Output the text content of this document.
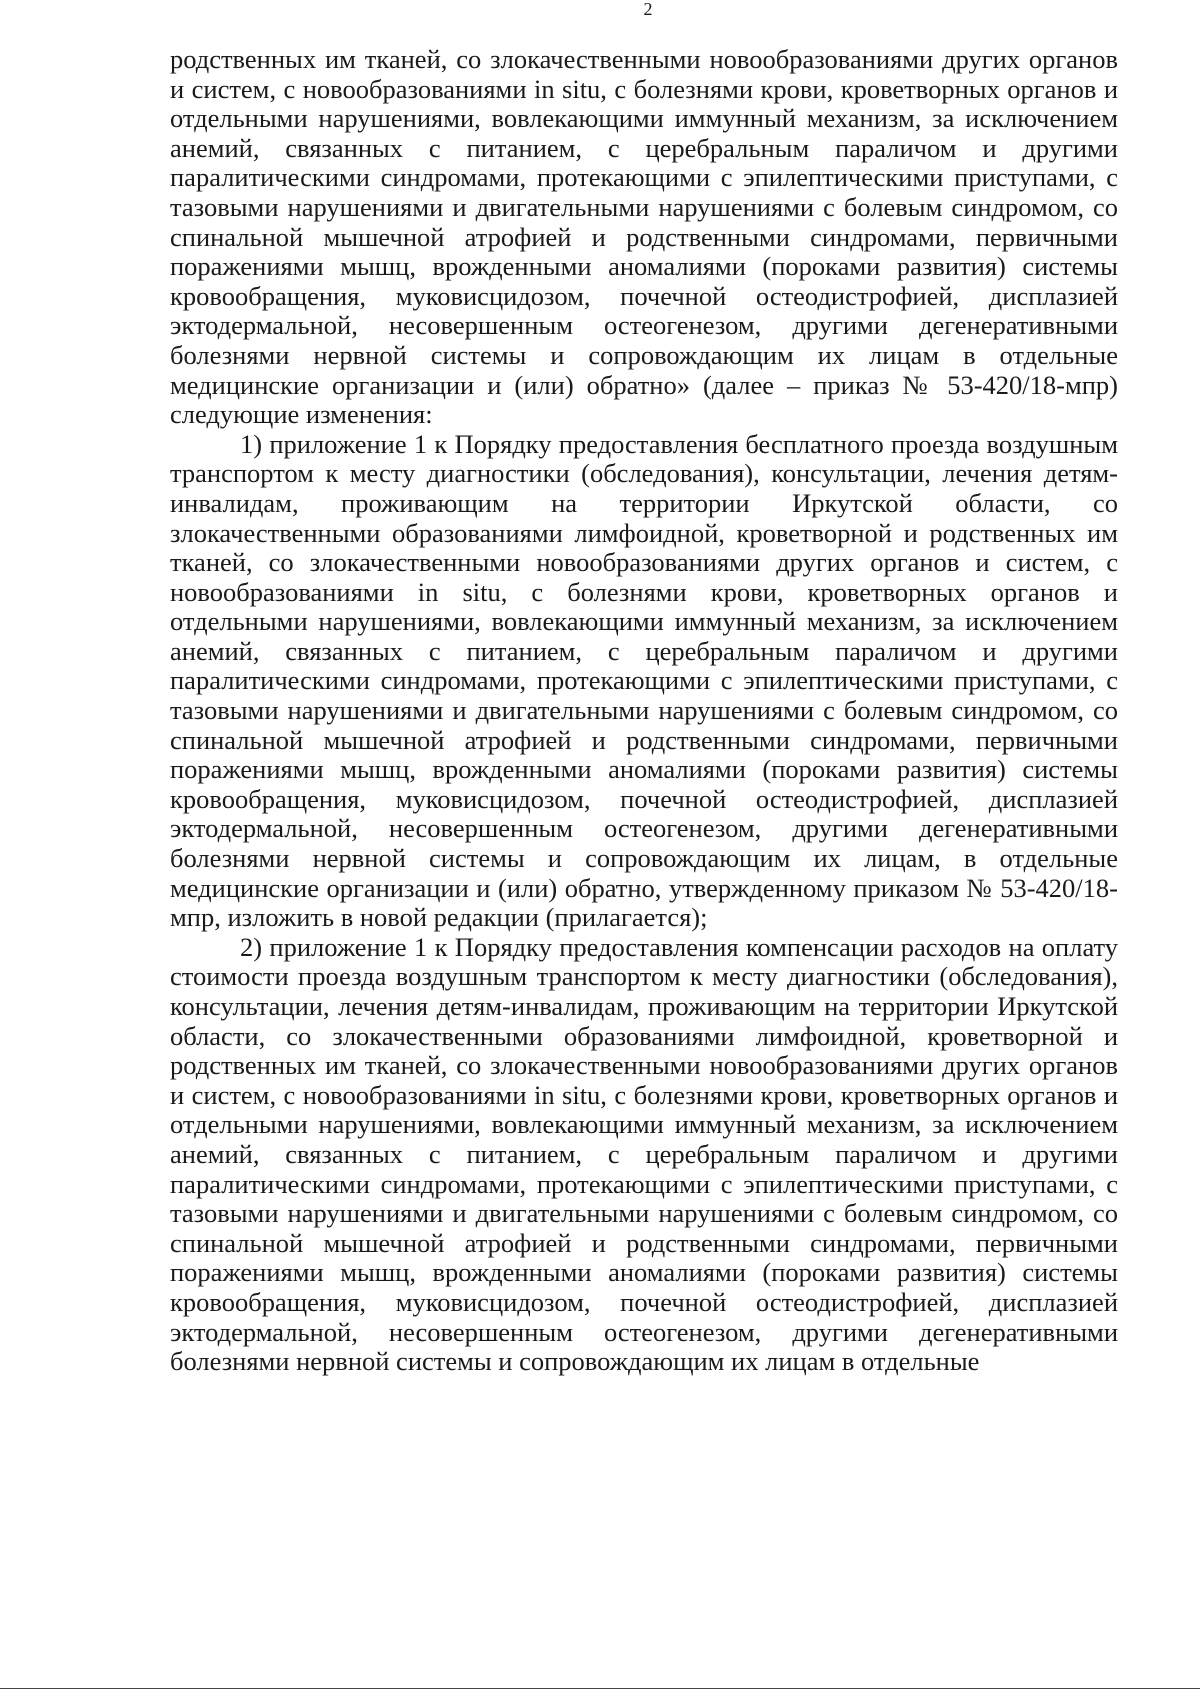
2

родственных им тканей, со злокачественными новообразованиями других органов и систем, с новообразованиями in situ, с болезнями крови, кроветворных органов и отдельными нарушениями, вовлекающими иммунный механизм, за исключением анемий, связанных с питанием, с церебральным параличом и другими паралитическими синдромами, протекающими с эпилептическими приступами, с тазовыми нарушениями и двигательными нарушениями с болевым синдромом, со спинальной мышечной атрофией и родственными синдромами, первичными поражениями мышц, врожденными аномалиями (пороками развития) системы кровообращения, муковисцидозом, почечной остеодистрофией, дисплазией эктодермальной, несовершенным остеогенезом, другими дегенеративными болезнями нервной системы и сопровождающим их лицам в отдельные медицинские организации и (или) обратно» (далее – приказ № 53-420/18-мпр) следующие изменения:

1) приложение 1 к Порядку предоставления бесплатного проезда воздушным транспортом к месту диагностики (обследования), консультации, лечения детям-инвалидам, проживающим на территории Иркутской области, со злокачественными образованиями лимфоидной, кроветворной и родственных им тканей, со злокачественными новообразованиями других органов и систем, с новообразованиями in situ, с болезнями крови, кроветворных органов и отдельными нарушениями, вовлекающими иммунный механизм, за исключением анемий, связанных с питанием, с церебральным параличом и другими паралитическими синдромами, протекающими с эпилептическими приступами, с тазовыми нарушениями и двигательными нарушениями с болевым синдромом, со спинальной мышечной атрофией и родственными синдромами, первичными поражениями мышц, врожденными аномалиями (пороками развития) системы кровообращения, муковисцидозом, почечной остеодистрофией, дисплазией эктодермальной, несовершенным остеогенезом, другими дегенеративными болезнями нервной системы и сопровождающим их лицам, в отдельные медицинские организации и (или) обратно, утвержденному приказом № 53-420/18-мпр, изложить в новой редакции (прилагается);

2) приложение 1 к Порядку предоставления компенсации расходов на оплату стоимости проезда воздушным транспортом к месту диагностики (обследования), консультации, лечения детям-инвалидам, проживающим на территории Иркутской области, со злокачественными образованиями лимфоидной, кроветворной и родственных им тканей, со злокачественными новообразованиями других органов и систем, с новообразованиями in situ, с болезнями крови, кроветворных органов и отдельными нарушениями, вовлекающими иммунный механизм, за исключением анемий, связанных с питанием, с церебральным параличом и другими паралитическими синдромами, протекающими с эпилептическими приступами, с тазовыми нарушениями и двигательными нарушениями с болевым синдромом, со спинальной мышечной атрофией и родственными синдромами, первичными поражениями мышц, врожденными аномалиями (пороками развития) системы кровообращения, муковисцидозом, почечной остеодистрофией, дисплазией эктодермальной, несовершенным остеогенезом, другими дегенеративными болезнями нервной системы и сопровождающим их лицам в отдельные
